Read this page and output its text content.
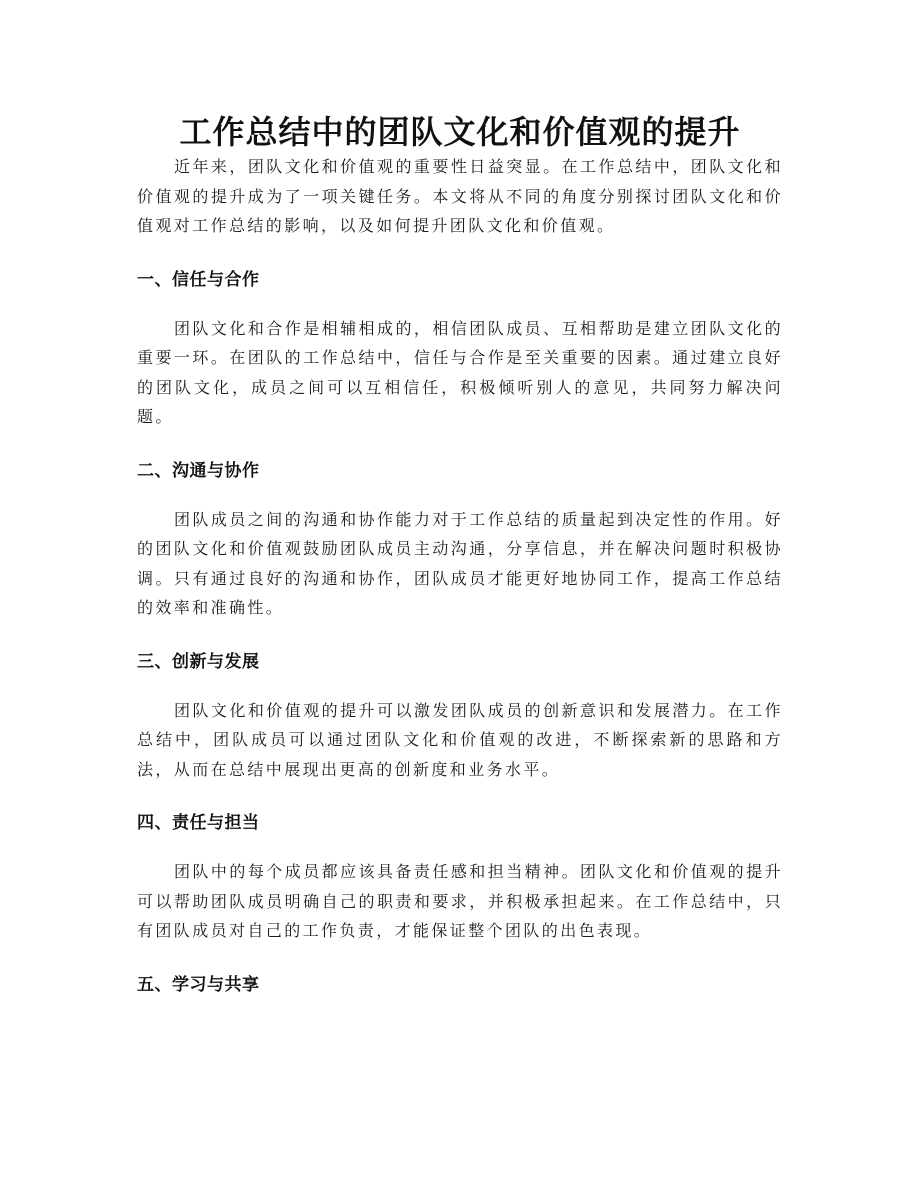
工作总结中的团队文化和价值观的提升

近年来，团队文化和价值观的重要性日益突显。在工作总结中，团队文化和价值观的提升成为了一项关键任务。本文将从不同的角度分别探讨团队文化和价值观对工作总结的影响，以及如何提升团队文化和价值观。

一、信任与合作

团队文化和合作是相辅相成的，相信团队成员、互相帮助是建立团队文化的重要一环。在团队的工作总结中，信任与合作是至关重要的因素。通过建立良好的团队文化，成员之间可以互相信任，积极倾听别人的意见，共同努力解决问题。

二、沟通与协作

团队成员之间的沟通和协作能力对于工作总结的质量起到决定性的作用。好的团队文化和价值观鼓励团队成员主动沟通，分享信息，并在解决问题时积极协调。只有通过良好的沟通和协作，团队成员才能更好地协同工作，提高工作总结的效率和准确性。

三、创新与发展

团队文化和价值观的提升可以激发团队成员的创新意识和发展潜力。在工作总结中，团队成员可以通过团队文化和价值观的改进，不断探索新的思路和方法，从而在总结中展现出更高的创新度和业务水平。

四、责任与担当

团队中的每个成员都应该具备责任感和担当精神。团队文化和价值观的提升可以帮助团队成员明确自己的职责和要求，并积极承担起来。在工作总结中，只有团队成员对自己的工作负责，才能保证整个团队的出色表现。

五、学习与共享
